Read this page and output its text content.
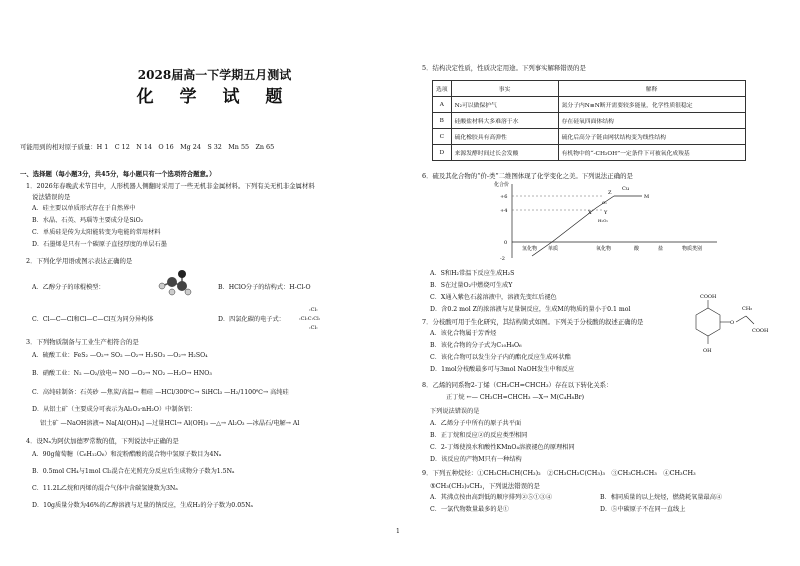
2028届高一下学期五月测试
化 学 试 题
可能用到的相对原子质量：H 1　C 12　N 14　O 16　Mg 24　S 32　Mn 55　Zn 65
一、选择题（每小题3分，共45分，每小题只有一个选项符合题意。）
1．2026年春晚武术节目中，人形机器人侧翻时采用了一些无机非金属材料。下列有关无机非金属材料
说法错误的是
A．硅主要以单质形式存在于自然界中
B．水晶、石英、玛瑙等主要成分是SiO₂
C．单质硅是传为太阳能转变为电能的常用材料
D．石墨烯是只有一个碳原子直径厚度的单层石墨
2．下列化学用语或图示表达正确的是
A．乙醇分子的球棍模型：	B．HClO分子的结构式：H-Cl-O
C．Cl—C—Cl和Cl—C—Cl互为同分异构体	D．四氯化碳的电子式：
:Cl:
:Cl:C:Cl:
:Cl:
3．下列物质制备与工业生产相符合的是
A．硫酸工业：FeS₂ —O₂→ SO₂ —O₂→ H₂SO₃ —O₂→ H₂SO₄
B．硝酸工业：N₂ —O₂/放电→ NO —O₂→ NO₂ —H₂O→ HNO₃
C．高纯硅制备：石英砂 —焦炭/高温→ 粗硅 —HCl/300℃→ SiHCl₃ —H₂/1100℃→ 高纯硅
D．从铝土矿（主要成分可表示为Al₂O₃·nH₂O）中制备铝：
铝土矿 —NaOH溶液→ Na[Al(OH)₄] —过量HCl→ Al(OH)₃ —△→ Al₂O₃ —冰晶石/电解→ Al
4．设Nₐ为阿伏加德罗常数的值，下列说法中正确的是
A．90g葡萄糖（C₆H₁₂O₆）和淀粉醋酸的混合物中氢原子数目为4Nₐ
B．0.5mol CH₄与1mol Cl₂混合在光照充分反应后生成物分子数为1.5Nₐ
C．11.2L乙烷和丙烯的混合气体中含碳氢键数为3Nₐ
D．10g质量分数为46%的乙醇溶液与足量的钠反应，生成H₂的分子数为0.05Nₐ
5．结构决定性质，性质决定用途。下列事实解释错误的是
选项	事实	解释
A	N₂可以做保护气	氮分子内N≡N断开需要较多能量，化学性质很稳定
B	硅酸盐材料大多难溶于水	存在硅氧四面体结构
C	硫化橡胶具有高弹性	硫化后高分子链由网状结构变为线性结构
D	来源发酵时间过长会发酸	有机物中的“-CH₂OH”一定条件下可被氧化成羧基
6．硫及其化合物的“价-类”二维图体现了化学变化之美。下列说法正确的是
化合价
+6
+4
0
-2
Cu
Z
M
X Y
O₂
H₂O₂
氢化物 单质	氧化物	酸	盐	物质类别
A．S和H₂常温下反应生成H₂S
B．S在过量O₂中燃烧可生成Y
C．X通入紫色石蕊溶液中，溶液先变红后褪色
D．含0.2 mol Z的浓溶液与足量铜反应，生成M的物质的量小于0.1 mol
7．分枝酸可用于生化研究，其结构简式如图。下列关于分枝酸的叙述正确的是
A．该化合物属于芳香烃
B．该化合物的分子式为C₁₀H₈O₆
C．该化合物可以发生分子内的酯化反应生成环状酯
D．1mol分枝酸最多可与3mol NaOH发生中和反应
COOH
O
CH₂
COOH
OH
8．乙烯的同系物2-丁烯（CH₃CH=CHCH₃）存在以下转化关系：
正丁烷 ←— CH₃CH=CHCH₃ —X→ M(C₄H₈Br)
下列说法错误的是
A．乙烯分子中所有的原子共平面
B．正丁烷和反应②的反应类型相同
C．2-丁烯使溴水和酸性KMnO₄溶液褪色的原理相同
D．该反应的产物M只有一种结构
9．下列五种烷烃：①CH₃CH₂CH(CH₃)₂　②CH₃CH₂C(CH₃)₃　③CH₃CH₂CH₃　④CH₃CH₃
⑤CH₃(CH₂)₃CH₃，下列说法错误的是
A．其沸点按由高到低的顺序排列②⑤①③④	B．相同质量的以上烷烃，燃烧耗氧量最高④
C．一氯代物数量最多的是①	D．⑤中碳原子不在同一直线上
1
